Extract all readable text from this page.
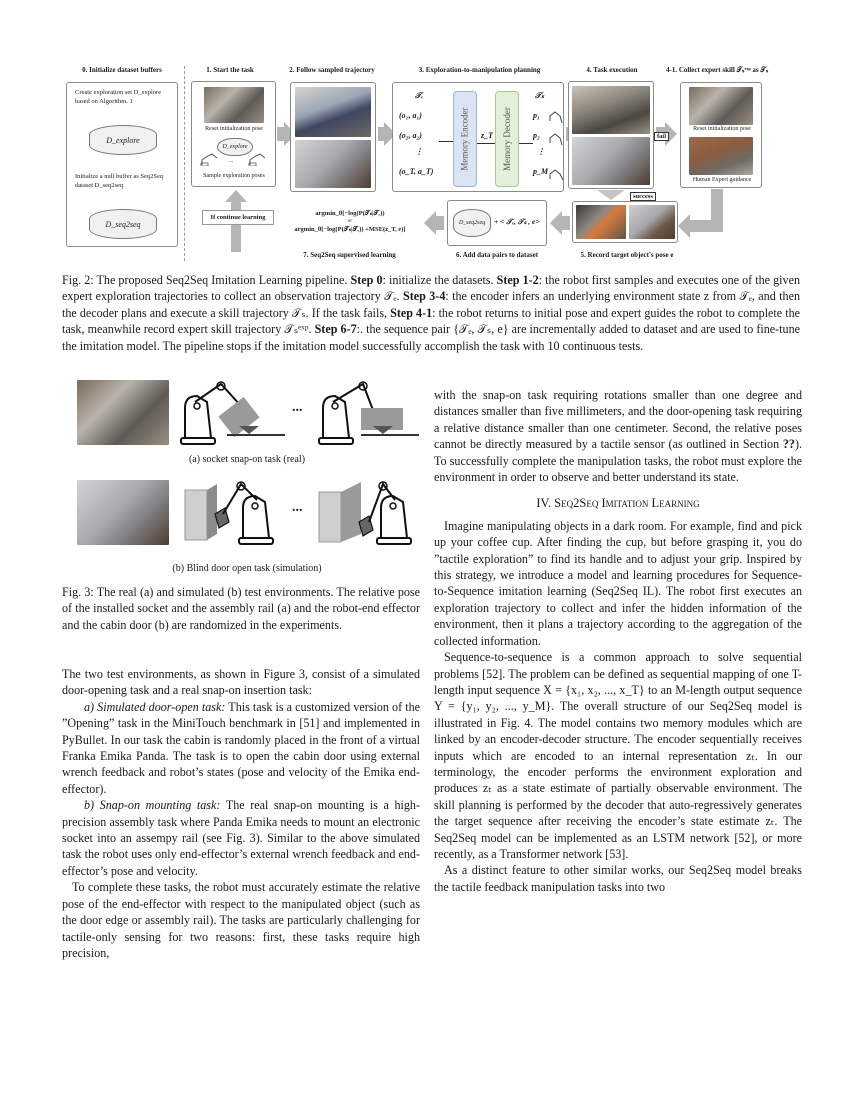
0. Initialize dataset buffers
Create exploration set D_explore based on Algorithm. 1
D_explore
Initialize a null buffer as Seq2Seq dataset D_seq2seq
D_seq2seq
1. Start the task
Reset initialization pose
D_explore
...
Sample exploration poses
If continue learning
2. Follow sampled trajectory	3. Exploration-to-manipulation planning
𝒯ₑ
(o₁, a₁)
(o₂, a₂)
⋮
(o_T, a_T)
Memory Encoder z_T Memory Decoder
𝒯ₛ
p₁
p₂
⋮
p_M
4. Task execution
fail
success
4-1. Collect expert skill 𝒯ₛᵉˣᵖ as 𝒯ₛ
Reset initialization pose
Human Expert guidance
5. Record target object's pose e
D_seq2seq	+ < 𝒯ₑ, 𝒯ₛ , e>
6. Add data pairs to dataset
argmin_θ[−log(P(𝒯ₛ|𝒯ₑ))
or
argmin_θ[−log(P(𝒯ₛ|𝒯ₑ)) +MSE(z_T, e)]
7. Seq2Seq supervised learning
Fig. 2: The proposed Seq2Seq Imitation Learning pipeline. Step 0: initialize the datasets. Step 1-2: the robot first samples and executes one of the given expert exploration trajectories to collect an observation trajectory 𝒯ₑ. Step 3-4: the encoder infers an underlying environment state z from 𝒯ₑ, and then the decoder plans and execute a skill trajectory 𝒯ₛ. If the task fails, Step 4-1: the robot returns to initial pose and expert guides the robot to complete the task, meanwhile record expert skill trajectory 𝒯ₛᵉˣᵖ. Step 6-7:. the sequence pair {𝒯ₑ, 𝒯ₛ, e} are incrementally added to dataset and are used to fine-tune the imitation model. The pipeline stops if the imitation model successfully accomplish the task with 10 continuous tests.
...
(a) socket snap-on task (real)
...
(b) Blind door open task (simulation)
Fig. 3: The real (a) and simulated (b) test environments. The relative pose of the installed socket and the assembly rail (a) and the robot-end effector and the cabin door (b) are randomized in the experiments.

The two test environments, as shown in Figure 3, consist of a simulated door-opening task and a real snap-on insertion task:

a) Simulated door-open task: This task is a customized version of the ”Opening” task in the MiniTouch benchmark in [51] and implemented in PyBullet. In our task the cabin is randomly placed in the front of a virtual Franka Emika Panda. The task is to open the cabin door using external wrench feedback and robot’s states (pose and velocity of the Emika end-effector).

b) Snap-on mounting task: The real snap-on mounting is a high-precision assembly task where Panda Emika needs to mount an electronic socket into an assempy rail (see Fig. 3). Similar to the above simulated task the robot uses only end-effector’s external wrench feedback and end-effector’s pose and velocity.

To complete these tasks, the robot must accurately estimate the relative pose of the end-effector with respect to the manipulated object (such as the door edge or assembly rail). The tasks are particularly challenging for tactile-only sensing for two reasons: first, these tasks require high precision,

with the snap-on task requiring rotations smaller than one degree and distances smaller than five millimeters, and the door-opening task requiring a relative distance smaller than one centimeter. Second, the relative poses cannot be directly measured by a tactile sensor (as outlined in Section ??). To successfully complete the manipulation tasks, the robot must explore the environment in order to observe and better understand its state.

IV. Seq2Seq Imitation Learning

Imagine manipulating objects in a dark room. For example, find and pick up your coffee cup. After finding the cup, but before grasping it, you do ”tactile exploration” to find its handle and to adjust your grip. Inspired by this strategy, we introduce a model and learning procedures for Sequence-to-Sequence imitation learning (Seq2Seq IL). The robot first executes an exploration trajectory to collect and infer the hidden information of the environment, then it plans a trajectory according to the aggregation of the collected information.

Sequence-to-sequence is a common approach to solve sequential problems [52]. The problem can be defined as sequential mapping of one T-length input sequence X = {x₁, x₂, ..., x_T} to an M-length output sequence Y = {y₁, y₂, ..., y_M}. The overall structure of our Seq2Seq model is illustrated in Fig. 4. The model contains two memory modules which are linked by an encoder-decoder structure. The encoder sequentially receives inputs which are encoded to an internal representation zₜ. In our terminology, the encoder performs the environment exploration and produces zₜ as a state estimate of partially observable environment. The skill planning is performed by the decoder that auto-regressively generates the target sequence after receiving the encoder’s state estimate zₜ. The Seq2Seq model can be implemented as an LSTM network [52], or more recently, as a Transformer network [53].

As a distinct feature to other similar works, our Seq2Seq model breaks the tactile feedback manipulation tasks into two
